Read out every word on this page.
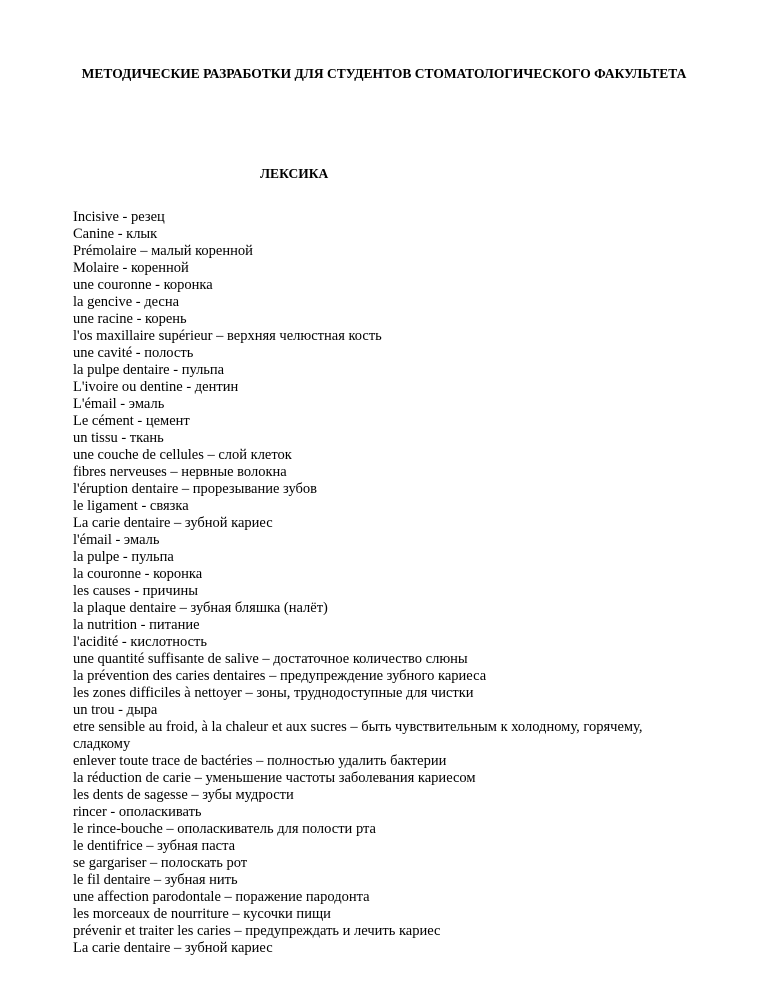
МЕТОДИЧЕСКИЕ РАЗРАБОТКИ ДЛЯ СТУДЕНТОВ СТОМАТОЛОГИЧЕСКОГО ФАКУЛЬТЕТА
ЛЕКСИКА
Incisive - резец
Canine - клык
Prémolaire – малый коренной
Molaire - коренной
une couronne - коронка
la gencive - десна
une racine - корень
l'os maxillaire supérieur – верхняя челюстная кость
une cavité - полость
la pulpe dentaire - пульпа
L'ivoire ou dentine - дентин
L'émail - эмаль
Le cément - цемент
un tissu - ткань
une couche de cellules – слой клеток
fibres nerveuses – нервные волокна
l'éruption dentaire – прорезывание зубов
le ligament - связка
La carie dentaire – зубной кариес
l'émail - эмаль
la pulpe - пульпа
la couronne - коронка
les causes - причины
la plaque dentaire – зубная бляшка (налёт)
la nutrition - питание
l'acidité - кислотность
une quantité suffisante de salive – достаточное количество слюны
la prévention des caries dentaires – предупреждение зубного кариеса
les zones difficiles à nettoyer – зоны, труднодоступные для чистки
un trou - дыра
etre sensible au froid, à la chaleur et aux sucres – быть чувствительным к холодному, горячему, сладкому
enlever toute trace de bactéries – полностью удалить бактерии
la réduction de carie – уменьшение частоты заболевания кариесом
les dents de sagesse – зубы мудрости
rincer - ополаскивать
le rince-bouche – ополаскиватель для полости рта
le dentifrice – зубная паста
se gargariser – полоскать рот
le fil dentaire – зубная нить
une affection parodontale – поражение пародонта
les morceaux de nourriture – кусочки пищи
prévenir et traiter les caries – предупреждать и лечить кариес
La carie dentaire – зубной кариес
